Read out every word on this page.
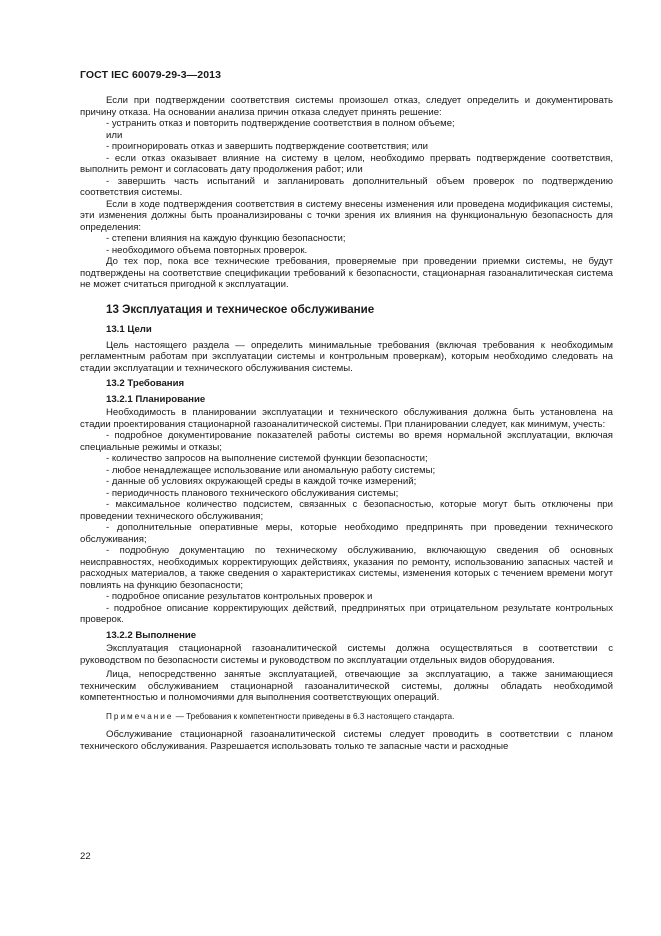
ГОСТ IEC 60079-29-3—2013

Если при подтверждении соответствия системы произошел отказ, следует определить и документировать причину отказа. На основании анализа причин отказа следует принять решение:

- устранить отказ и повторить подтверждение соответствия в полном объеме;

или

- проигнорировать отказ и завершить подтверждение соответствия; или

- если отказ оказывает влияние на систему в целом, необходимо прервать подтверждение соответствия, выполнить ремонт и согласовать дату продолжения работ; или

- завершить часть испытаний и запланировать дополнительный объем проверок по подтверждению соответствия системы.

Если в ходе подтверждения соответствия в систему внесены изменения или проведена модификация системы, эти изменения должны быть проанализированы с точки зрения их влияния на функциональную безопасность для определения:

- степени влияния на каждую функцию безопасности;

- необходимого объема повторных проверок.

До тех пор, пока все технические требования, проверяемые при проведении приемки системы, не будут подтверждены на соответствие спецификации требований к безопасности, стационарная газоаналитическая система не может считаться пригодной к эксплуатации.

13 Эксплуатация и техническое обслуживание

13.1 Цели

Цель настоящего раздела — определить минимальные требования (включая требования к необходимым регламентным работам при эксплуатации системы и контрольным проверкам), которым необходимо следовать на стадии эксплуатации и технического обслуживания системы.

13.2 Требования

13.2.1 Планирование

Необходимость в планировании эксплуатации и технического обслуживания должна быть установлена на стадии проектирования стационарной газоаналитической системы. При планировании следует, как минимум, учесть:

- подробное документирование показателей работы системы во время нормальной эксплуатации, включая специальные режимы и отказы;

- количество запросов на выполнение системой функции безопасности;

- любое ненадлежащее использование или аномальную работу системы;

- данные об условиях окружающей среды в каждой точке измерений;

- периодичность планового технического обслуживания системы;

- максимальное количество подсистем, связанных с безопасностью, которые могут быть отключены при проведении технического обслуживания;

- дополнительные оперативные меры, которые необходимо предпринять при проведении технического обслуживания;

- подробную документацию по техническому обслуживанию, включающую сведения об основных неисправностях, необходимых корректирующих действиях, указания по ремонту, использованию запасных частей и расходных материалов, а также сведения о характеристиках системы, изменения которых с течением времени могут повлиять на функцию безопасности;

- подробное описание результатов контрольных проверок и

- подробное описание корректирующих действий, предпринятых при отрицательном результате контрольных проверок.

13.2.2 Выполнение

Эксплуатация стационарной газоаналитической системы должна осуществляться в соответствии с руководством по безопасности системы и руководством по эксплуатации отдельных видов оборудования.

Лица, непосредственно занятые эксплуатацией, отвечающие за эксплуатацию, а также занимающиеся техническим обслуживанием стационарной газоаналитической системы, должны обладать необходимой компетентностью и полномочиями для выполнения соответствующих операций.

Примечание — Требования к компетентности приведены в 6.3 настоящего стандарта.

Обслуживание стационарной газоаналитической системы следует проводить в соответствии с планом технического обслуживания. Разрешается использовать только те запасные части и расходные

22
